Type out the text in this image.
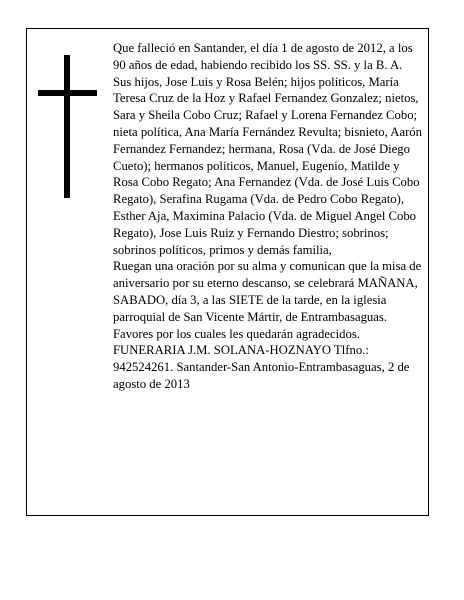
Que falleció en Santander, el día 1 de agosto de 2012, a los 90 años de edad, habiendo recibido los SS. SS. y la B. A.

Sus hijos, Jose Luis y Rosa Belén; hijos políticos, María Teresa Cruz de la Hoz y Rafael Fernandez Gonzalez; nietos, Sara y Sheila Cobo Cruz; Rafael y Lorena Fernandez Cobo; nieta política, Ana María Fernández Revulta; bisnieto, Aarón Fernandez Fernandez; hermana, Rosa (Vda. de José Diego Cueto); hermanos políticos, Manuel, Eugenio, Matilde y Rosa Cobo Regato; Ana Fernandez (Vda. de José Luis Cobo Regato), Serafina Rugama (Vda. de Pedro Cobo Regato), Esther Aja, Maximina Palacio (Vda. de Miguel Angel Cobo Regato), Jose Luis Ruiz y Fernando Diestro; sobrinos; sobrinos políticos, primos y demás familia,

Ruegan una oración por su alma y comunican que la misa de aniversario por su eterno descanso, se celebrará MAÑANA, SABADO, día 3, a las SIETE de la tarde, en la iglesia parroquial de San Vicente Mártir, de Entrambasaguas. Favores por los cuales les quedarán agradecidos.

FUNERARIA J.M. SOLANA-HOZNAYO Tlfno.: 942524261. Santander-San Antonio-Entrambasaguas, 2 de agosto de 2013
